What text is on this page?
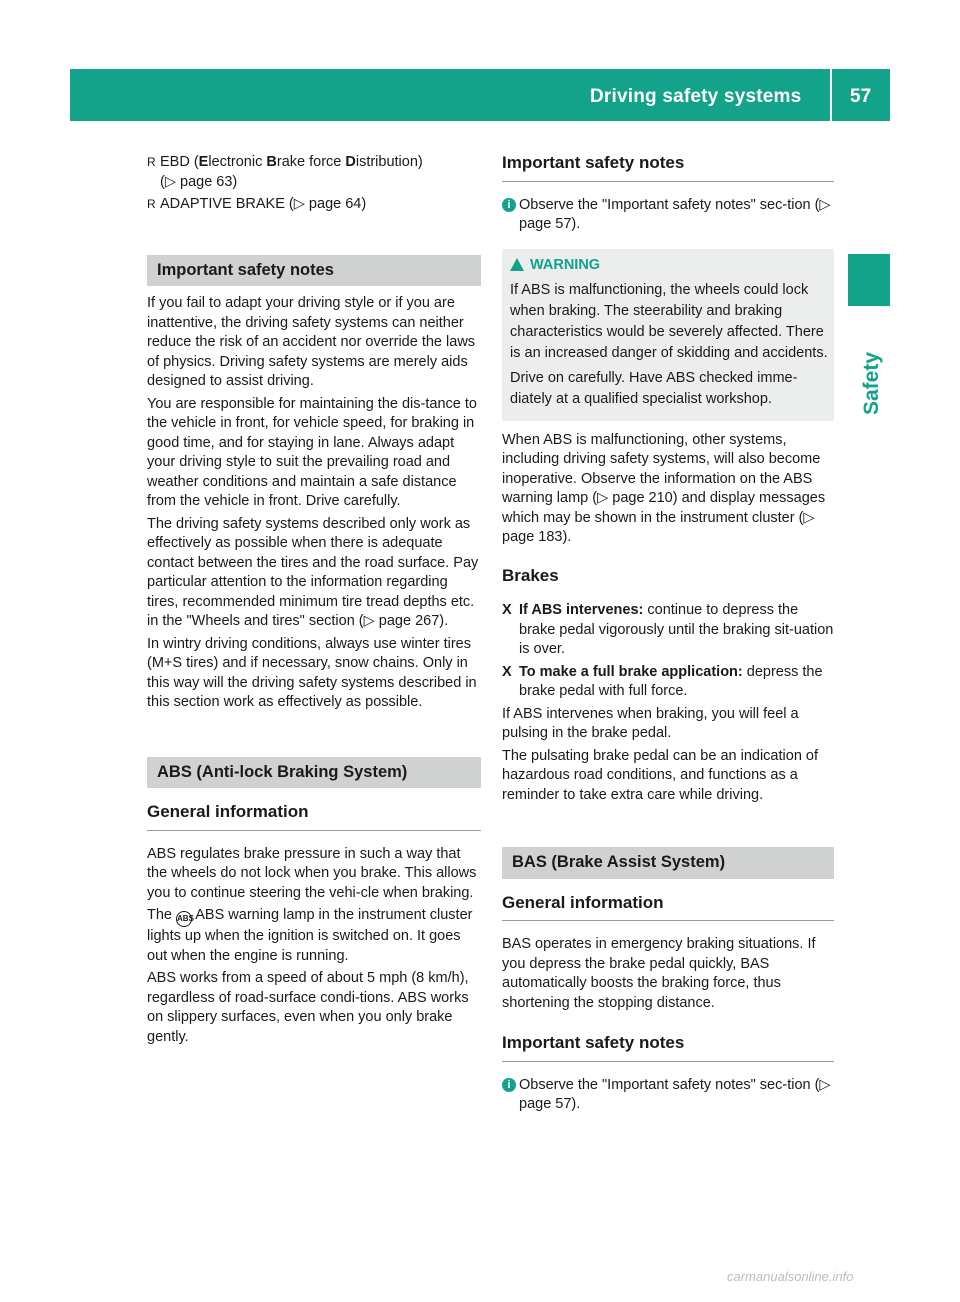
Driving safety systems	57
Safety
R EBD (Electronic Brake force Distribution)
(▷ page 63)
R ADAPTIVE BRAKE (▷ page 64)
Important safety notes

If you fail to adapt your driving style or if you are inattentive, the driving safety systems can neither reduce the risk of an accident nor override the laws of physics. Driving safety systems are merely aids designed to assist driving.

You are responsible for maintaining the dis-tance to the vehicle in front, for vehicle speed, for braking in good time, and for staying in lane. Always adapt your driving style to suit the prevailing road and weather conditions and maintain a safe distance from the vehicle in front. Drive carefully.

The driving safety systems described only work as effectively as possible when there is adequate contact between the tires and the road surface. Pay particular attention to the information regarding tires, recommended minimum tire tread depths etc. in the "Wheels and tires" section (▷ page 267).

In wintry driving conditions, always use winter tires (M+S tires) and if necessary, snow chains. Only in this way will the driving safety systems described in this section work as effectively as possible.

ABS (Anti-lock Braking System)
General information

ABS regulates brake pressure in such a way that the wheels do not lock when you brake. This allows you to continue steering the vehi-cle when braking.

The ABS ABS warning lamp in the instrument cluster lights up when the ignition is switched on. It goes out when the engine is running.

ABS works from a speed of about 5 mph (8 km/h), regardless of road-surface condi-tions. ABS works on slippery surfaces, even when you only brake gently.

Important safety notes
i Observe the "Important safety notes" sec-tion (▷ page 57).
WARNING

If ABS is malfunctioning, the wheels could lock when braking. The steerability and braking characteristics would be severely affected. There is an increased danger of skidding and accidents.

Drive on carefully. Have ABS checked imme-diately at a qualified specialist workshop.

When ABS is malfunctioning, other systems, including driving safety systems, will also become inoperative. Observe the information on the ABS warning lamp (▷ page 210) and display messages which may be shown in the instrument cluster (▷ page 183).

Brakes
X If ABS intervenes: continue to depress the brake pedal vigorously until the braking sit-uation is over.
X To make a full brake application: depress the brake pedal with full force.

If ABS intervenes when braking, you will feel a pulsing in the brake pedal.

The pulsating brake pedal can be an indication of hazardous road conditions, and functions as a reminder to take extra care while driving.

BAS (Brake Assist System)
General information

BAS operates in emergency braking situations. If you depress the brake pedal quickly, BAS automatically boosts the braking force, thus shortening the stopping distance.

Important safety notes
i Observe the "Important safety notes" sec-tion (▷ page 57).
carmanualsonline.info
